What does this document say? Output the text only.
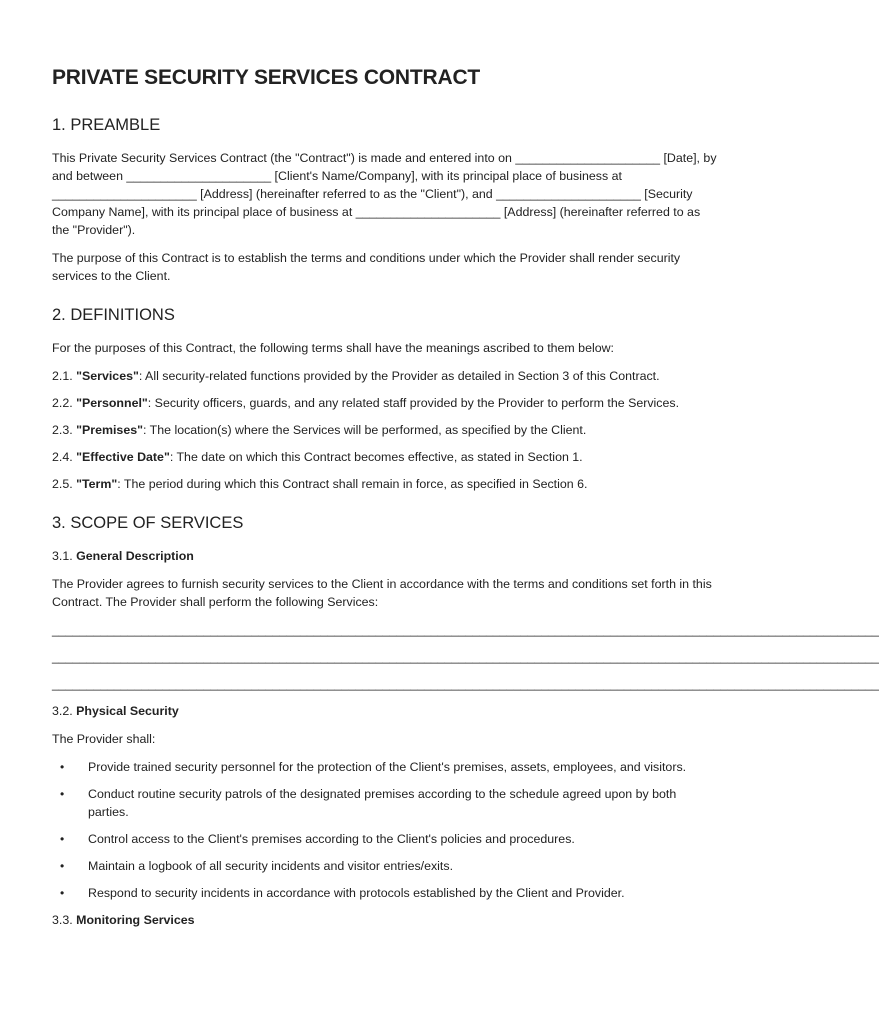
PRIVATE SECURITY SERVICES CONTRACT
1. PREAMBLE

This Private Security Services Contract (the "Contract") is made and entered into on _____________________ [Date], by and between _____________________ [Client's Name/Company], with its principal place of business at _____________________ [Address] (hereinafter referred to as the "Client"), and _____________________ [Security Company Name], with its principal place of business at _____________________ [Address] (hereinafter referred to as the "Provider").

The purpose of this Contract is to establish the terms and conditions under which the Provider shall render security services to the Client.

2. DEFINITIONS

For the purposes of this Contract, the following terms shall have the meanings ascribed to them below:

2.1. "Services": All security-related functions provided by the Provider as detailed in Section 3 of this Contract.

2.2. "Personnel": Security officers, guards, and any related staff provided by the Provider to perform the Services.

2.3. "Premises": The location(s) where the Services will be performed, as specified by the Client.

2.4. "Effective Date": The date on which this Contract becomes effective, as stated in Section 1.

2.5. "Term": The period during which this Contract shall remain in force, as specified in Section 6.

3. SCOPE OF SERVICES

3.1. General Description

The Provider agrees to furnish security services to the Client in accordance with the terms and conditions set forth in this Contract. The Provider shall perform the following Services:

________________________________________________________________________________________________________________________
________________________________________________________________________________________________________________________
________________________________________________________________________________________________________________________

3.2. Physical Security

The Provider shall:

• Provide trained security personnel for the protection of the Client's premises, assets, employees, and visitors.
• Conduct routine security patrols of the designated premises according to the schedule agreed upon by both parties.
• Control access to the Client's premises according to the Client's policies and procedures.
• Maintain a logbook of all security incidents and visitor entries/exits.
• Respond to security incidents in accordance with protocols established by the Client and Provider.

3.3. Monitoring Services
